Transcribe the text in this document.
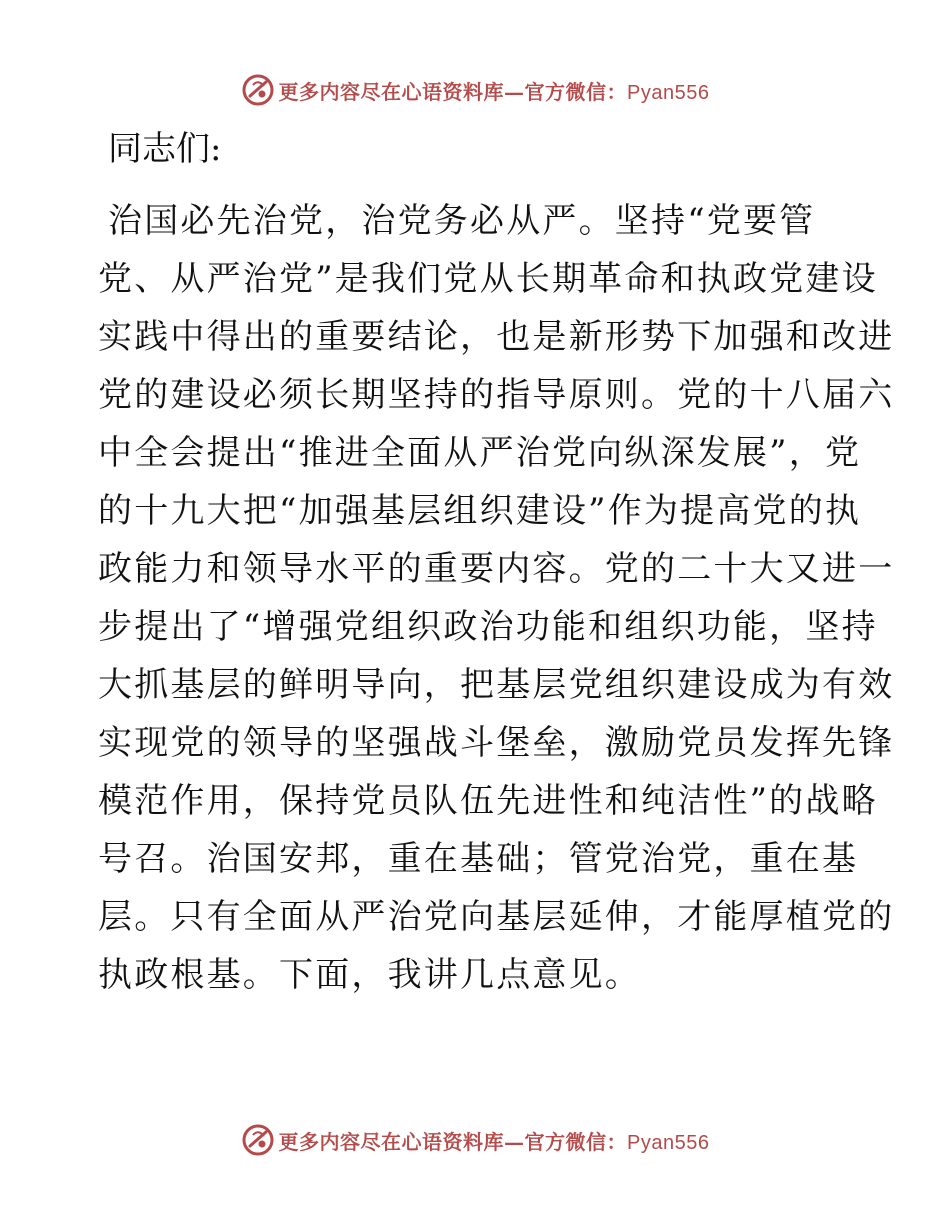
更多内容尽在心语资料库—官方微信：Pyan556

同志们:

治国必先治党，治党务必从严。坚持“党要管
党、从严治党”是我们党从长期革命和执政党建设
实践中得出的重要结论，也是新形势下加强和改进
党的建设必须长期坚持的指导原则。党的十八届六
中全会提出“推进全面从严治党向纵深发展”，党
的十九大把“加强基层组织建设”作为提高党的执
政能力和领导水平的重要内容。党的二十大又进一
步提出了“增强党组织政治功能和组织功能，坚持
大抓基层的鲜明导向，把基层党组织建设成为有效
实现党的领导的坚强战斗堡垒，激励党员发挥先锋
模范作用，保持党员队伍先进性和纯洁性”的战略
号召。治国安邦，重在基础；管党治党，重在基
层。只有全面从严治党向基层延伸，才能厚植党的
执政根基。下面，我讲几点意见。
更多内容尽在心语资料库—官方微信：Pyan556
